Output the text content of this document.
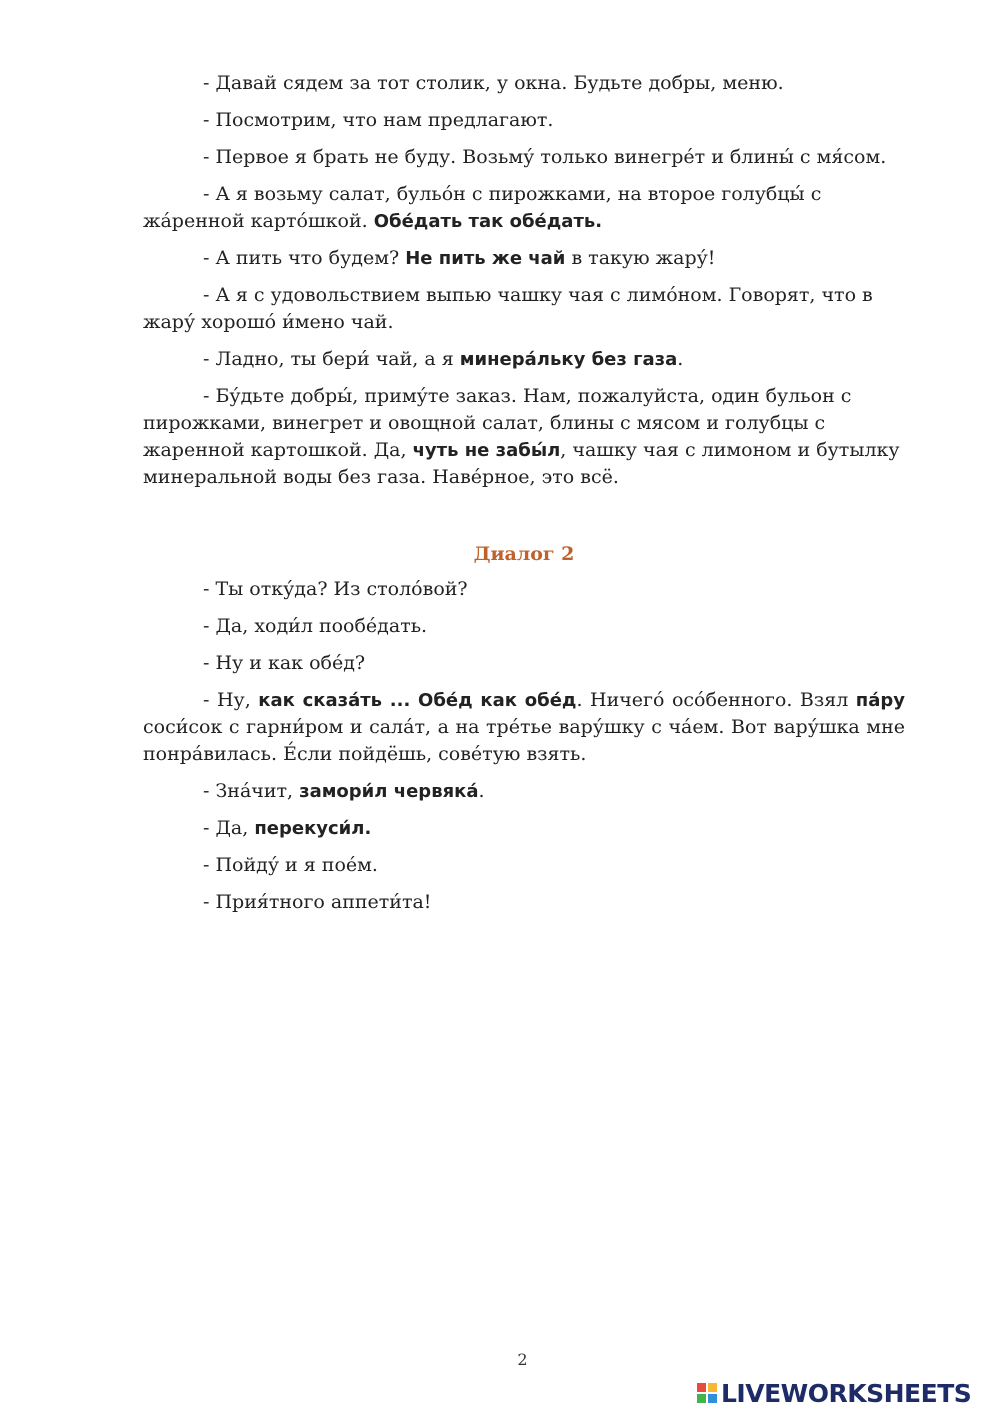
- Давай сядем за тот столик, у окна. Будьте добры, меню.

- Посмотрим, что нам предлагают.

- Первое я брать не буду. Возьму́ только винегре́т и блины́ с мя́сом.

- А я возьму салат, бульо́н с пирожками, на второе голубцы́ с жа́ренной карто́шкой. Обе́дать так обе́дать.

- А пить что будем? Не пить же чай в такую жару́!

- А я с удовольствием выпью чашку чая с лимо́ном. Говорят, что в жару́ хорошо́ и́мено чай.

- Ладно, ты бери́ чай, а я минера́льку без газа.

- Бу́дьте добры́, приму́те заказ. Нам, пожалуйста, один бульон с пирожками, винегрет и овощной салат, блины с мясом и голубцы с жаренной картошкой. Да, чуть не забы́л, чашку чая с лимоном и бутылку минеральной воды без газа. Наве́рное, это всё.

Диалог 2

- Ты отку́да? Из столо́вой?

- Да, ходи́л пообе́дать.

- Ну и как обе́д?

- Ну, как сказа́ть ... Обе́д как обе́д. Ничего́ осо́бенного. Взял па́ру соси́сок с гарни́ром и сала́т, а на тре́тье вару́шку с ча́ем. Вот вару́шка мне понра́вилась. Е́сли пойдёшь, сове́тую взять.

- Зна́чит, замори́л червяка́.

- Да, перекуси́л.

- Пойду́ и я пое́м.

- Прия́тного аппети́та!

2
LIVEWORKSHEETS
